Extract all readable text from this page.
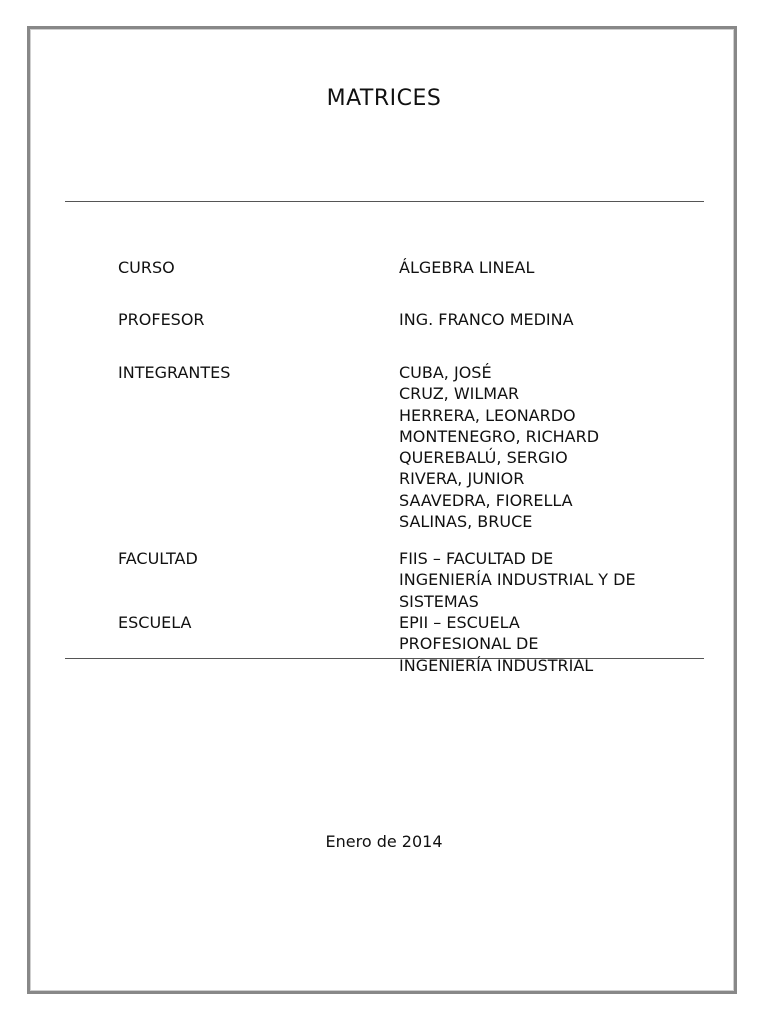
MATRICES
CURSO	ÁLGEBRA LINEAL
PROFESOR	ING. FRANCO MEDINA
INTEGRANTES	CUBA, JOSÉ
CRUZ, WILMAR
HERRERA, LEONARDO
MONTENEGRO, RICHARD
QUEREBALÚ, SERGIO
RIVERA, JUNIOR
SAAVEDRA, FIORELLA
SALINAS, BRUCE
FACULTAD	FIIS – FACULTAD DE
INGENIERÍA INDUSTRIAL Y DE
SISTEMAS
ESCUELA	EPII – ESCUELA
PROFESIONAL DE
INGENIERÍA INDUSTRIAL
Enero de 2014
